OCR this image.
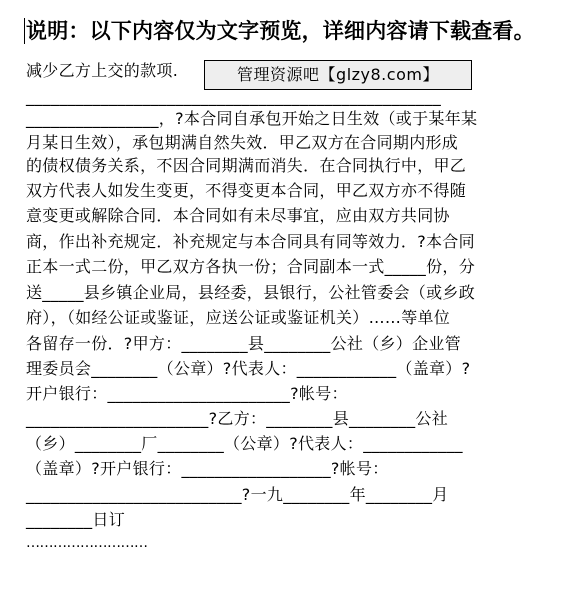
说明：以下内容仅为文字预览，详细内容请下载查看。
减少乙方上交的款项.	管理资源吧【glzy8.com】
__________________________________________________
________________，?本合同自承包开始之日生效（或于某年某
月某日生效），承包期满自然失效．甲乙双方在合同期内形成
的债权债务关系，不因合同期满而消失．在合同执行中，甲乙
双方代表人如发生变更，不得变更本合同，甲乙双方亦不得随
意变更或解除合同．本合同如有未尽事宜，应由双方共同协
商，作出补充规定．补充规定与本合同具有同等效力．?本合同
正本一式二份，甲乙双方各执一份；合同副本一式_____份，分
送_____县乡镇企业局，县经委，县银行，公社管委会（或乡政
府），（如经公证或鉴证，应送公证或鉴证机关）……等单位
各留存一份．?甲方：________县________公社（乡）企业管
理委员会________（公章）?代表人：____________（盖章）?
开户银行：______________________?帐号：
______________________?乙方：________县________公社
（乡）________厂________（公章）?代表人：____________
（盖章）?开户银行：__________________?帐号：
__________________________?一九________年________月
________日订
………………………
